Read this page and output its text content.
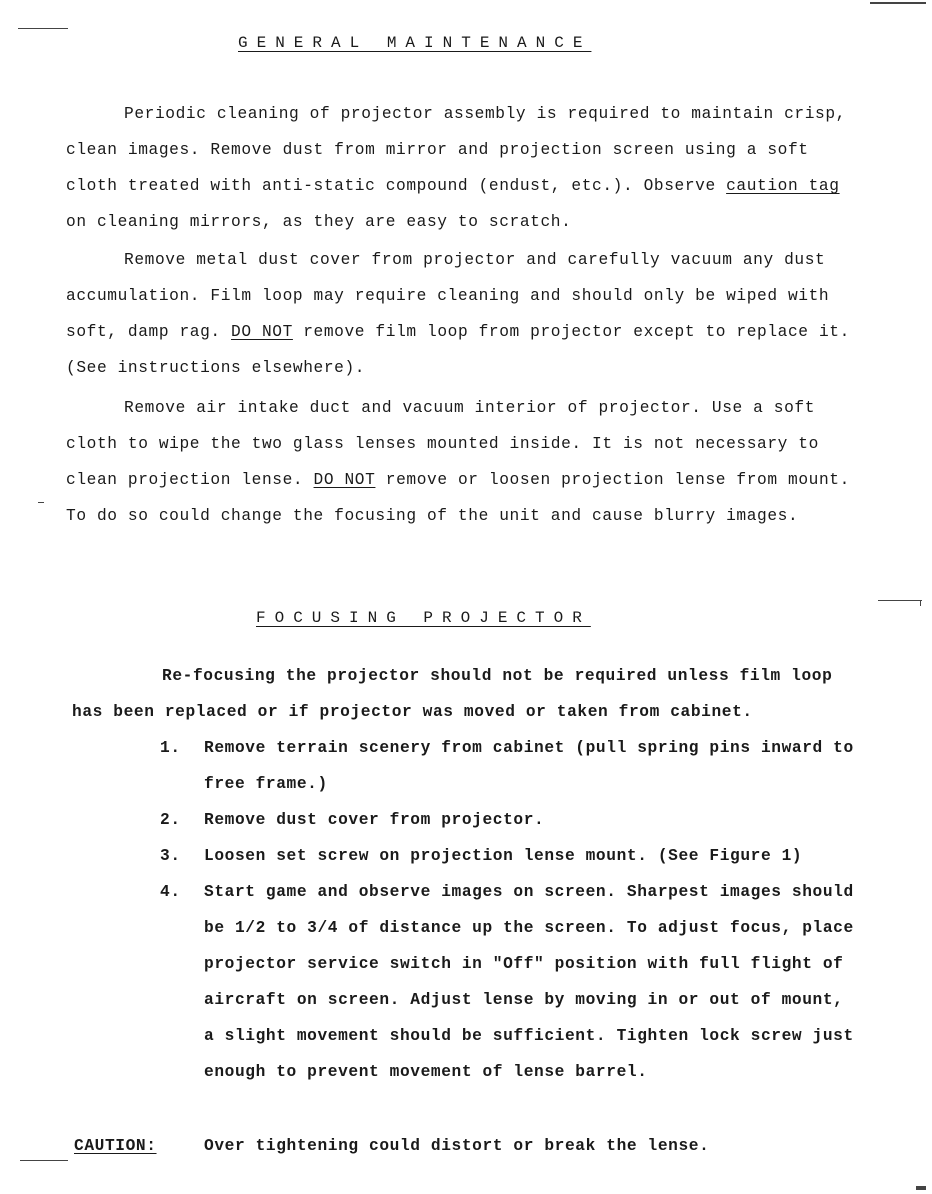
GENERAL MAINTENANCE

Periodic cleaning of projector assembly is required to maintain crisp, clean images. Remove dust from mirror and projection screen using a soft cloth treated with anti-static compound (endust, etc.). Observe caution tag on cleaning mirrors, as they are easy to scratch.

Remove metal dust cover from projector and carefully vacuum any dust accumulation. Film loop may require cleaning and should only be wiped with soft, damp rag. DO NOT remove film loop from projector except to replace it. (See instructions elsewhere).

Remove air intake duct and vacuum interior of projector. Use a soft cloth to wipe the two glass lenses mounted inside. It is not necessary to clean projection lense. DO NOT remove or loosen projection lense from mount. To do so could change the focusing of the unit and cause blurry images.

FOCUSING PROJECTOR

Re-focusing the projector should not be required unless film loop has been replaced or if projector was moved or taken from cabinet.

1.	Remove terrain scenery from cabinet (pull spring pins inward to free frame.)
2.	Remove dust cover from projector.
3.	Loosen set screw on projection lense mount. (See Figure 1)
4.	Start game and observe images on screen. Sharpest images should be 1/2 to 3/4 of distance up the screen. To adjust focus, place projector service switch in "Off" position with full flight of aircraft on screen. Adjust lense by moving in or out of mount, a slight movement should be sufficient. Tighten lock screw just enough to prevent movement of lense barrel.
CAUTION:	Over tightening could distort or break the lense.
